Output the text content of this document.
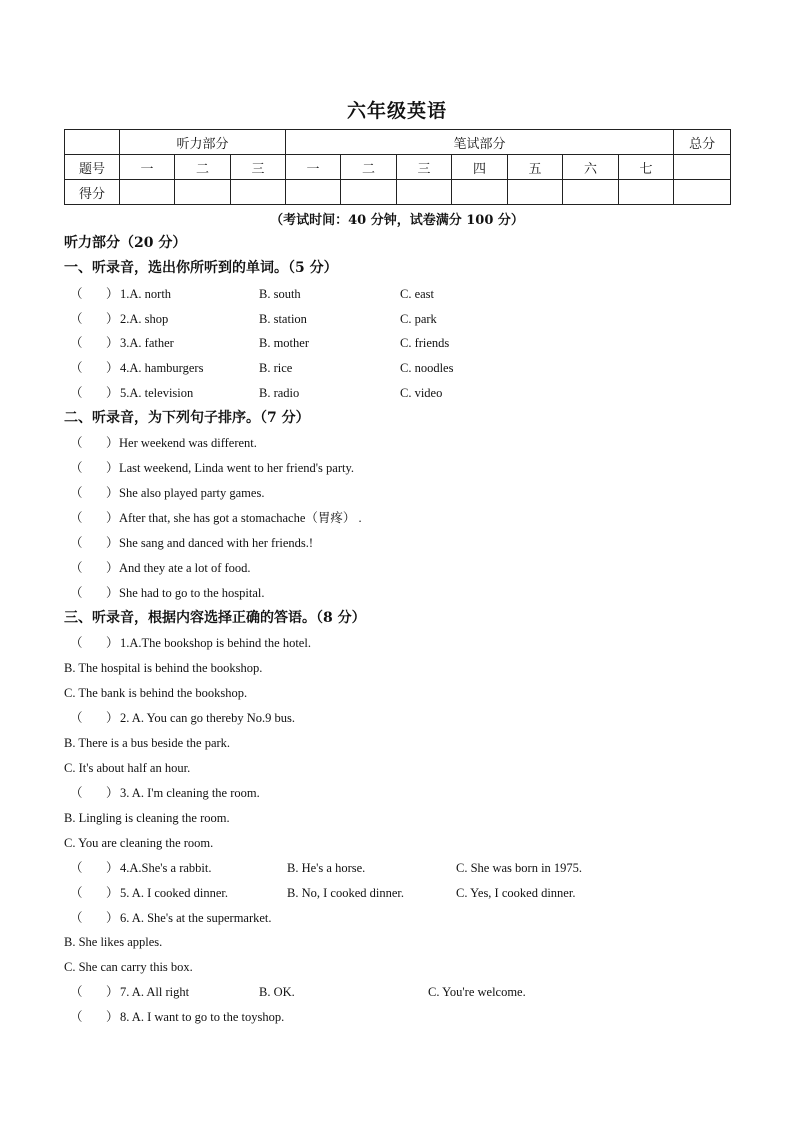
六年级英语
	听力部分			笔试部分							总分
题号	一	二	三	一	二	三	四	五	六	七	
得分											
（考试时间：40 分钟，试卷满分 100 分）
听力部分（20 分）
一、听录音，选出你所听到的单词。（5 分）
（ ） 1.A. north	B. south	C. east
（ ） 2.A. shop	B. station	C. park
（ ） 3.A. father	B. mother	C. friends
（ ） 4.A. hamburgers	B. rice	C. noodles
（ ） 5.A. television	B. radio	C. video
二、听录音，为下列句子排序。（7 分）
（ ） Her weekend was different.
（ ） Last weekend, Linda went to her friend's party.
（ ） She also played party games.
（ ） After that, she has got a stomachache（胃疼） .
（ ） She sang and danced with her friends.!
（ ） And they ate a lot of food.
（ ） She had to go to the hospital.
三、听录音，根据内容选择正确的答语。（8 分）
（ ） 1.A.The bookshop is behind the hotel.
B. The hospital is behind the bookshop.
C. The bank is behind the bookshop.
（ ） 2. A. You can go thereby No.9 bus.
B. There is a bus beside the park.
C. It's about half an hour.
（ ） 3. A. I'm cleaning the room.
B. Lingling is cleaning the room.
C. You are cleaning the room.
（ ） 4.A.She's a rabbit.	B. He's a horse.	C. She was born in 1975.
（ ） 5. A. I cooked dinner.	B. No, I cooked dinner.	C. Yes, I cooked dinner.
（ ） 6. A. She's at the supermarket.
B. She likes apples.
C. She can carry this box.
（ ） 7. A. All right	B. OK.	C. You're welcome.
（ ） 8. A. I want to go to the toyshop.
